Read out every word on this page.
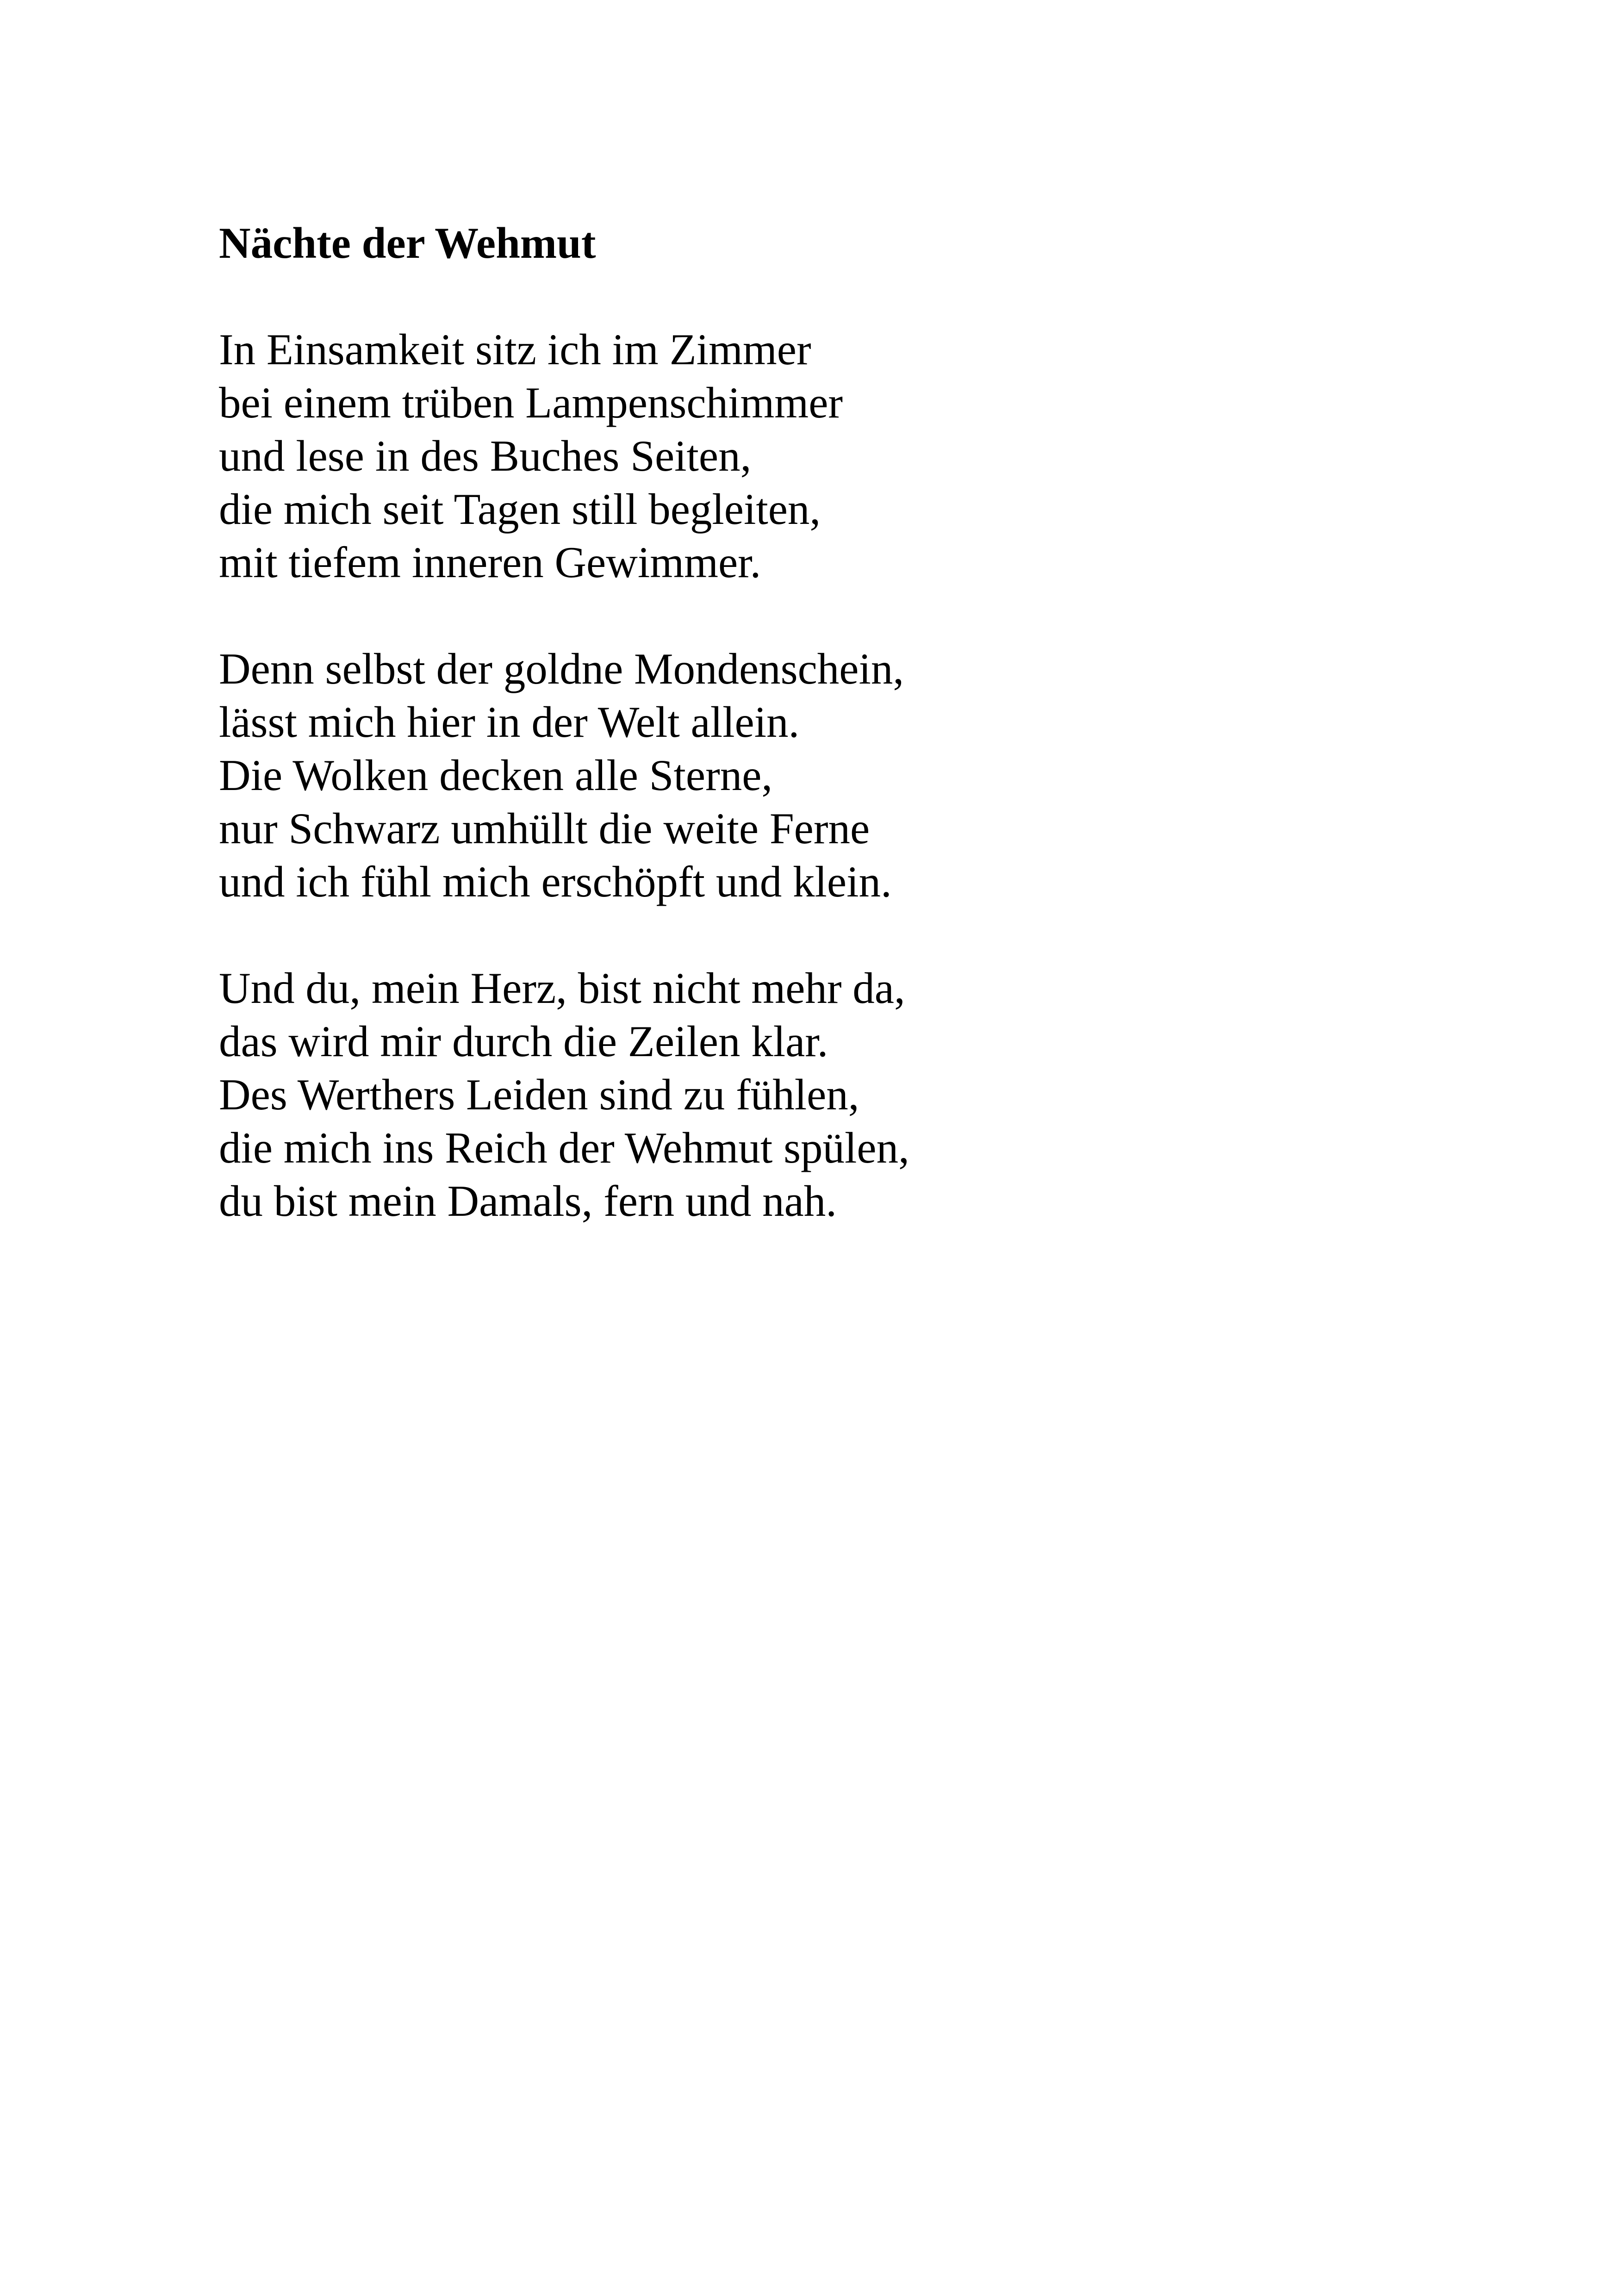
Nächte der Wehmut
In Einsamkeit sitz ich im Zimmer
bei einem trüben Lampenschimmer
und lese in des Buches Seiten,
die mich seit Tagen still begleiten,
mit tiefem inneren Gewimmer.
Denn selbst der goldne Mondenschein,
lässt mich hier in der Welt allein.
Die Wolken decken alle Sterne,
nur Schwarz umhüllt die weite Ferne
und ich fühl mich erschöpft und klein.
Und du, mein Herz, bist nicht mehr da,
das wird mir durch die Zeilen klar.
Des Werthers Leiden sind zu fühlen,
die mich ins Reich der Wehmut spülen,
du bist mein Damals, fern und nah.
